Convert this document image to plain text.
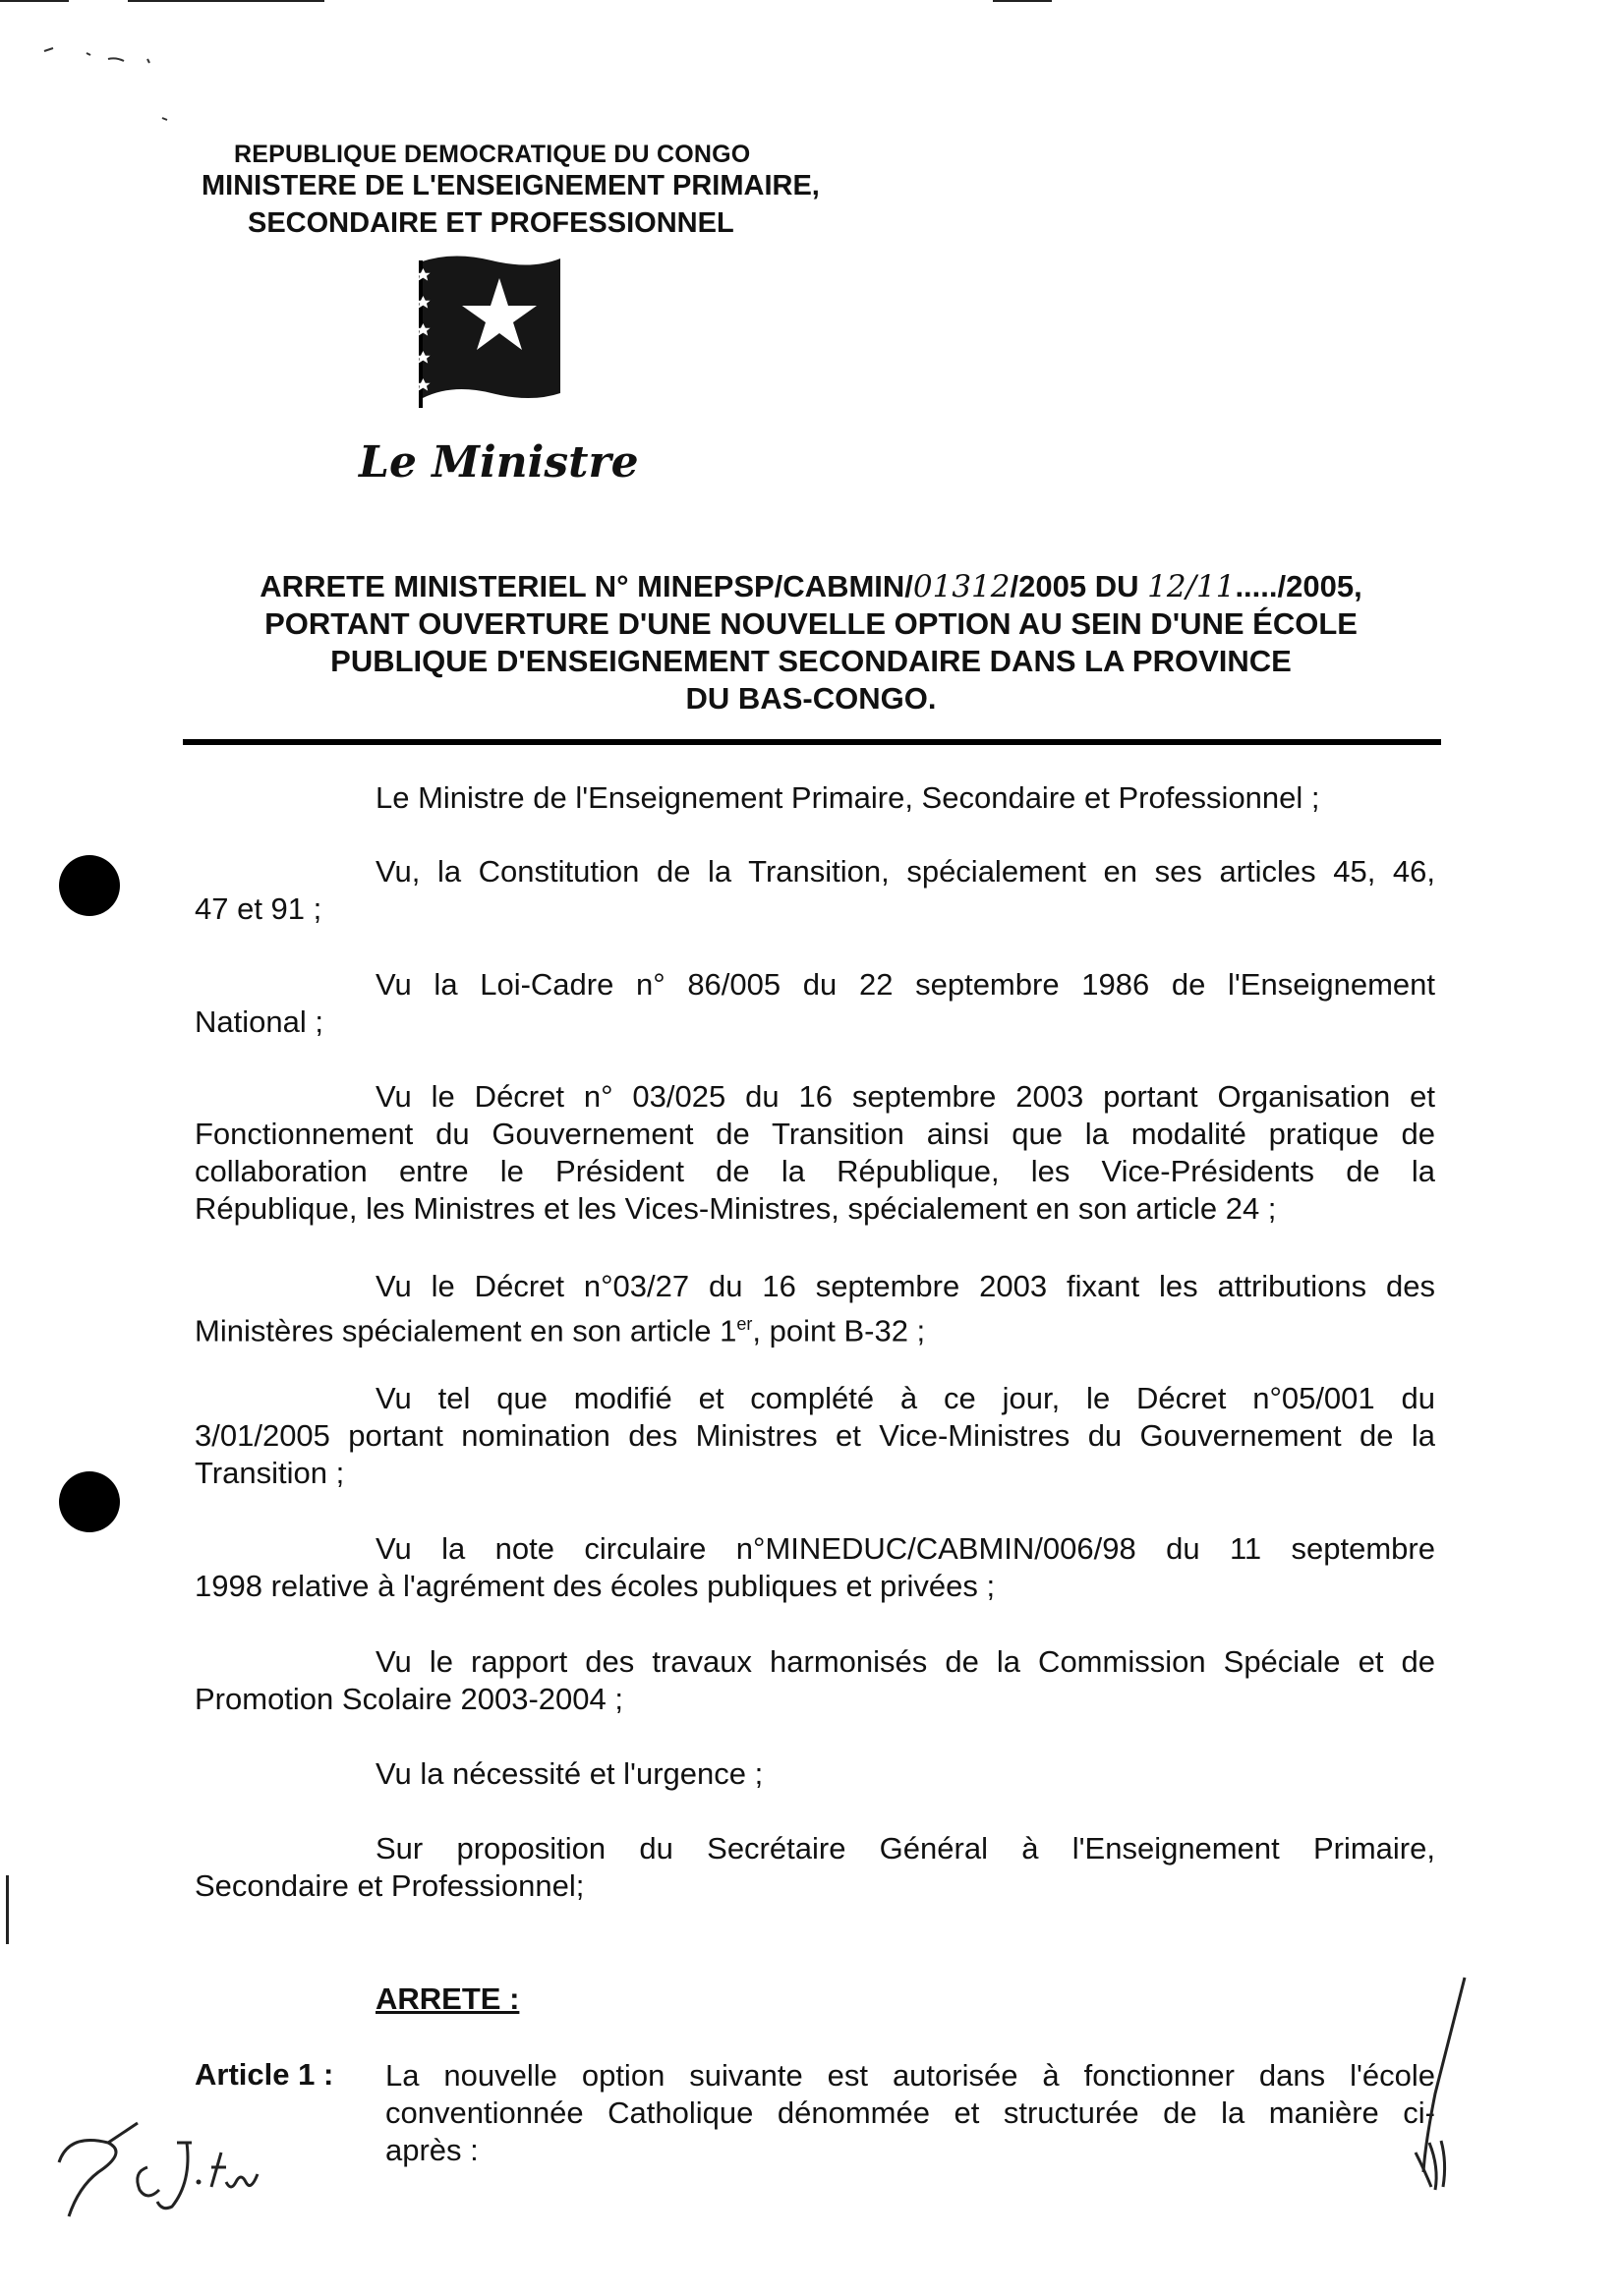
REPUBLIQUE DEMOCRATIQUE DU CONGO
MINISTERE DE L'ENSEIGNEMENT PRIMAIRE,
SECONDAIRE ET PROFESSIONNEL
Le Ministre
ARRETE MINISTERIEL N° MINEPSP/CABMIN/01312/2005 DU 12/11...../2005,
PORTANT OUVERTURE D'UNE NOUVELLE OPTION AU SEIN D'UNE ÉCOLE
PUBLIQUE D'ENSEIGNEMENT SECONDAIRE DANS LA PROVINCE
DU BAS-CONGO.
Le Ministre de l'Enseignement Primaire, Secondaire et Professionnel ;
Vu, la Constitution de la Transition, spécialement en ses articles 45, 46,
47 et 91 ;
Vu la Loi-Cadre n° 86/005 du 22 septembre 1986 de l'Enseignement
National ;
Vu le Décret n° 03/025 du 16 septembre 2003 portant Organisation et
Fonctionnement du Gouvernement de Transition ainsi que la modalité pratique de
collaboration entre le Président de la République, les Vice-Présidents de la
République, les Ministres et les Vices-Ministres, spécialement en son article 24 ;
Vu le Décret n°03/27 du 16 septembre 2003 fixant les attributions des
Ministères spécialement en son article 1er, point B-32 ;
Vu tel que modifié et complété à ce jour, le Décret n°05/001 du
3/01/2005 portant nomination des Ministres et Vice-Ministres du Gouvernement de la
Transition ;
Vu la note circulaire n°MINEDUC/CABMIN/006/98 du 11 septembre
1998 relative à l'agrément des écoles publiques et privées ;
Vu le rapport des travaux harmonisés de la Commission Spéciale et de
Promotion Scolaire 2003-2004 ;
Vu la nécessité et l'urgence ;
Sur proposition du Secrétaire Général à l'Enseignement Primaire,
Secondaire et Professionnel;
ARRETE :
Article 1 : La nouvelle option suivante est autorisée à fonctionner dans l'école
conventionnée Catholique dénommée et structurée de la manière ci-
après :
